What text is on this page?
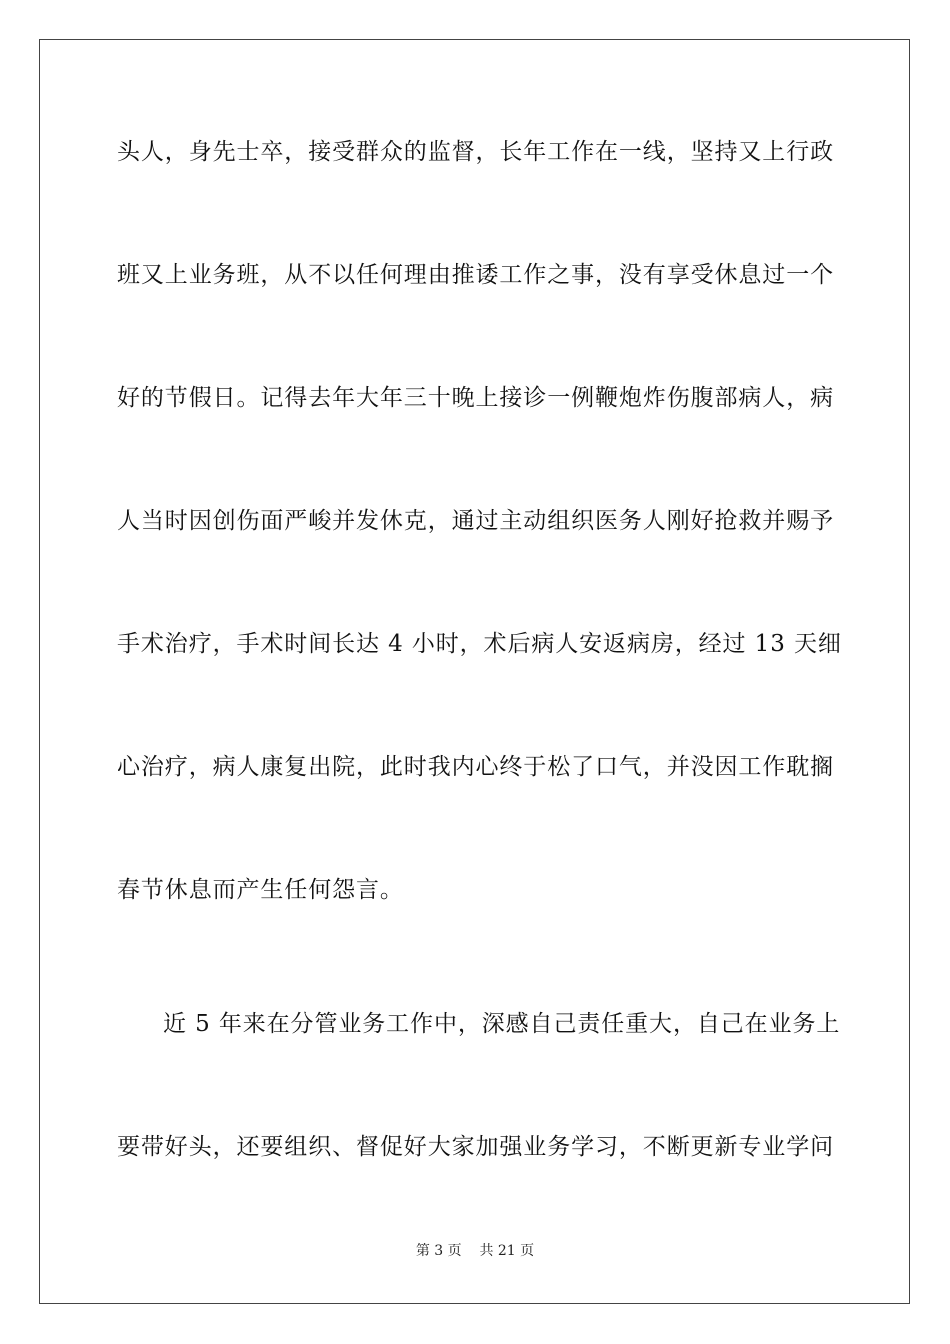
头人，身先士卒，接受群众的监督，长年工作在一线，坚持又上行政
班又上业务班，从不以任何理由推诿工作之事，没有享受休息过一个
好的节假日。记得去年大年三十晚上接诊一例鞭炮炸伤腹部病人，病
人当时因创伤面严峻并发休克，通过主动组织医务人刚好抢救并赐予
手术治疗，手术时间长达 4 小时，术后病人安返病房，经过 13 天细
心治疗，病人康复出院，此时我内心终于松了口气，并没因工作耽搁
春节休息而产生任何怨言。
近 5 年来在分管业务工作中，深感自己责任重大，自己在业务上
要带好头，还要组织、督促好大家加强业务学习，不断更新专业学问
第 3 页 共 21 页
